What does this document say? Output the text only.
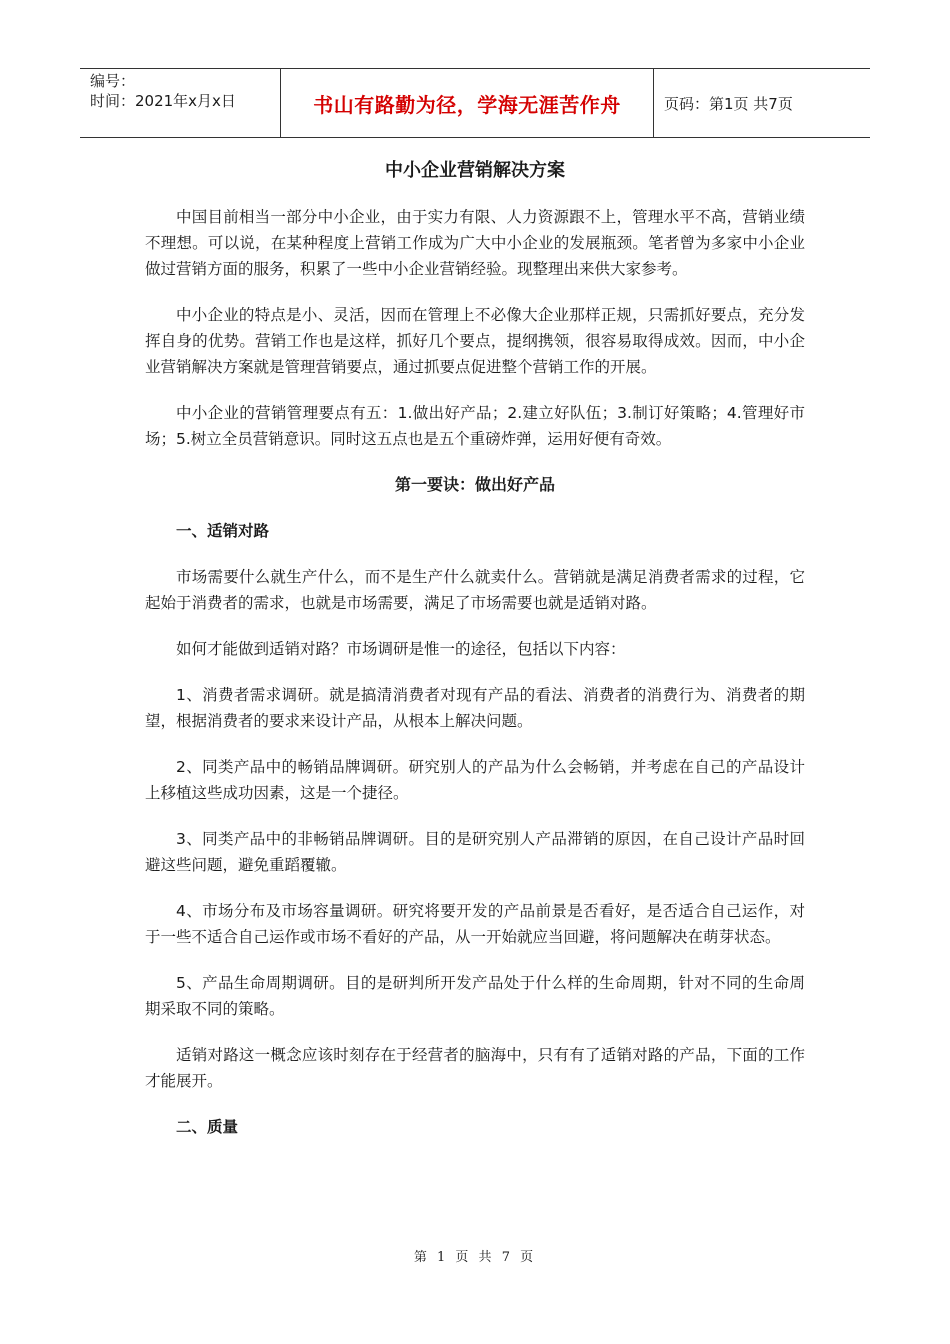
编号：
时间：2021年x月x日	书山有路勤为径，学海无涯苦作舟	页码：第1页 共7页
中小企业营销解决方案

中国目前相当一部分中小企业，由于实力有限、人力资源跟不上，管理水平不高，营销业绩不理想。可以说，在某种程度上营销工作成为广大中小企业的发展瓶颈。笔者曾为多家中小企业做过营销方面的服务，积累了一些中小企业营销经验。现整理出来供大家参考。

中小企业的特点是小、灵活，因而在管理上不必像大企业那样正规，只需抓好要点，充分发挥自身的优势。营销工作也是这样，抓好几个要点，提纲携领，很容易取得成效。因而，中小企业营销解决方案就是管理营销要点，通过抓要点促进整个营销工作的开展。

中小企业的营销管理要点有五：1.做出好产品；2.建立好队伍；3.制订好策略；4.管理好市场；5.树立全员营销意识。同时这五点也是五个重磅炸弹，运用好便有奇效。

第一要诀：做出好产品
一、适销对路

市场需要什么就生产什么，而不是生产什么就卖什么。营销就是满足消费者需求的过程，它起始于消费者的需求，也就是市场需要，满足了市场需要也就是适销对路。

如何才能做到适销对路？市场调研是惟一的途径，包括以下内容：

1、消费者需求调研。就是搞清消费者对现有产品的看法、消费者的消费行为、消费者的期望，根据消费者的要求来设计产品，从根本上解决问题。

2、同类产品中的畅销品牌调研。研究别人的产品为什么会畅销，并考虑在自己的产品设计上移植这些成功因素，这是一个捷径。

3、同类产品中的非畅销品牌调研。目的是研究别人产品滞销的原因，在自己设计产品时回避这些问题，避免重蹈覆辙。

4、市场分布及市场容量调研。研究将要开发的产品前景是否看好，是否适合自己运作，对于一些不适合自己运作或市场不看好的产品，从一开始就应当回避，将问题解决在萌芽状态。

5、产品生命周期调研。目的是研判所开发产品处于什么样的生命周期，针对不同的生命周期采取不同的策略。

适销对路这一概念应该时刻存在于经营者的脑海中，只有有了适销对路的产品，下面的工作才能展开。

二、质量
第 1 页 共 7 页
